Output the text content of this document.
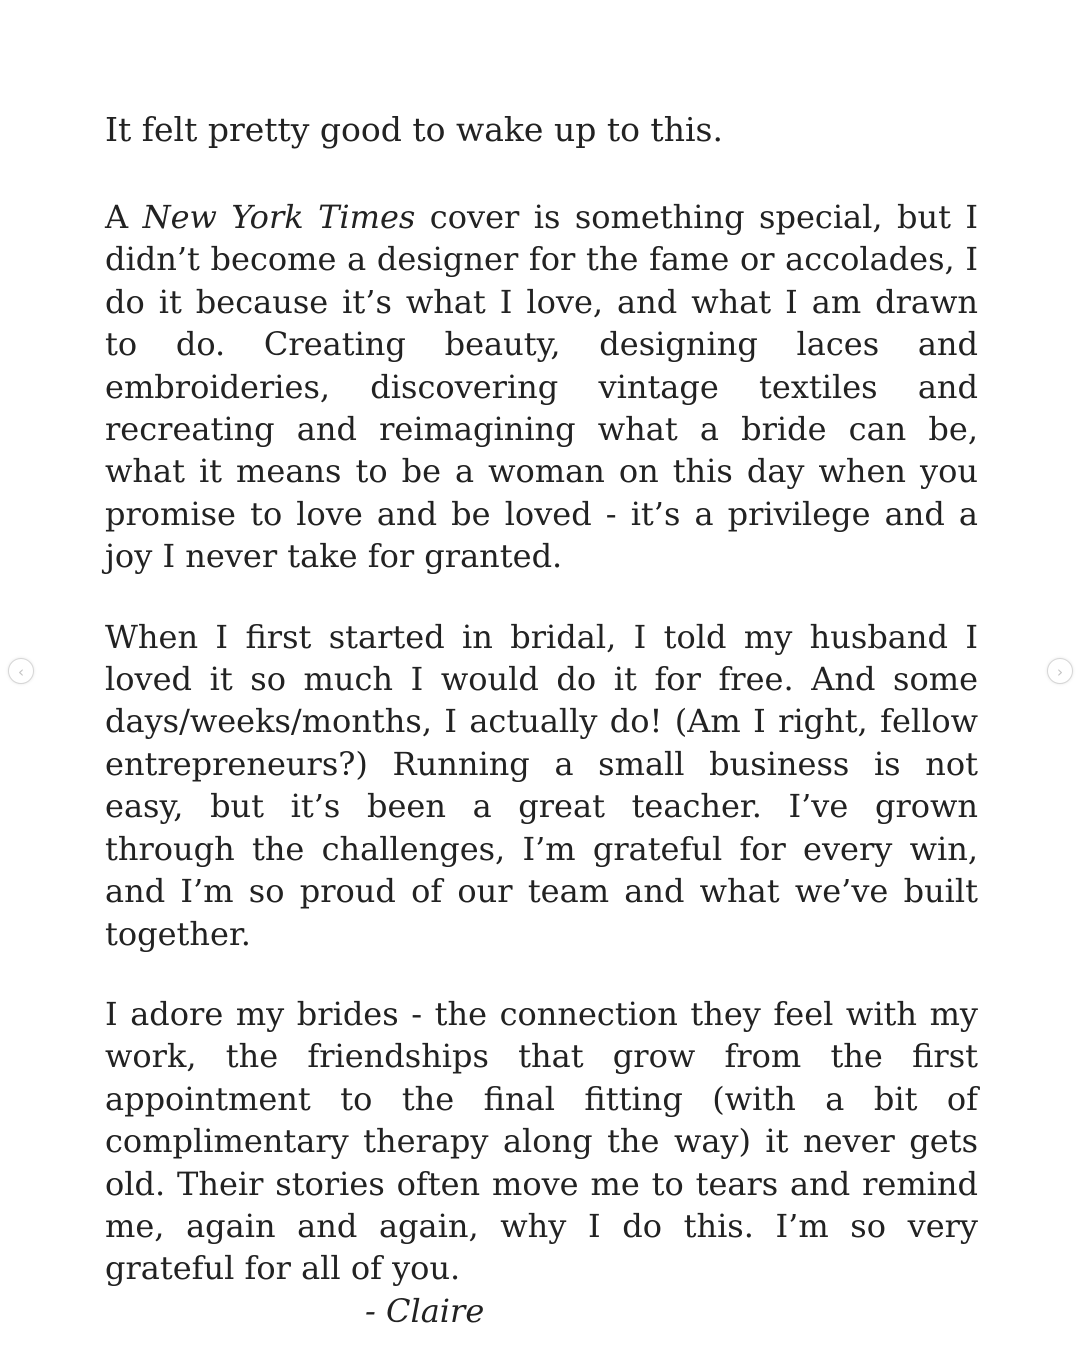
‹	›
It felt pretty good to wake up to this.

A New York Times cover is something special, but I didn’t become a designer for the fame or accolades, I do it because it’s what I love, and what I am drawn to do. Creating beauty, designing laces and embroideries, discovering vintage textiles and recreating and reimagining what a bride can be, what it means to be a woman on this day when you promise to love and be loved - it’s a privilege and a joy I never take for granted.

When I first started in bridal, I told my husband I loved it so much I would do it for free. And some days/weeks/months, I actually do! (Am I right, fellow entrepreneurs?) Running a small business is not easy, but it’s been a great teacher. I’ve grown through the challenges, I’m grateful for every win, and I’m so proud of our team and what we’ve built together.

I adore my brides - the connection they feel with my work, the friendships that grow from the first appointment to the final fitting (with a bit of complimentary therapy along the way) it never gets old. Their stories often move me to tears and remind me, again and again, why I do this. I’m so very grateful for all of you.

- Claire
